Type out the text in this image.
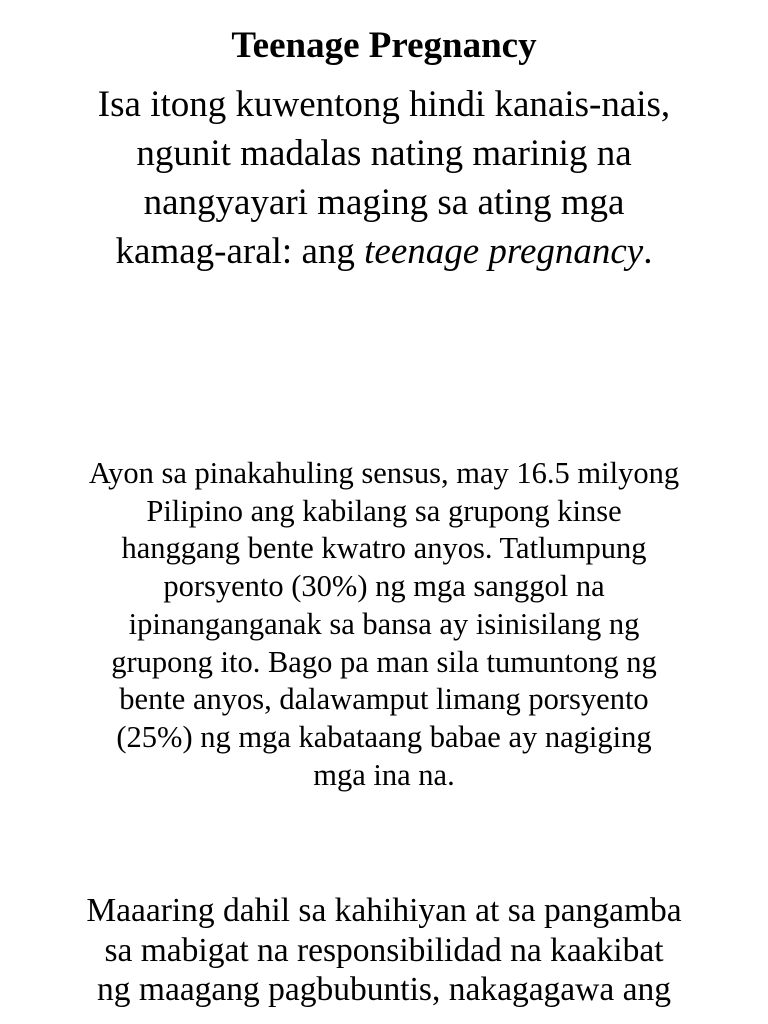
Teenage Pregnancy

Isa itong kuwentong hindi kanais-nais,
ngunit madalas nating marinig na
nangyayari maging sa ating mga
kamag-aral: ang teenage pregnancy.

Ayon sa pinakahuling sensus, may 16.5 milyong
Pilipino ang kabilang sa grupong kinse
hanggang bente kwatro anyos. Tatlumpung
porsyento (30%) ng mga sanggol na
ipinanganganak sa bansa ay isinisilang ng
grupong ito. Bago pa man sila tumuntong ng
bente anyos, dalawamput limang porsyento
(25%) ng mga kabataang babae ay nagiging
mga ina na.

Maaaring dahil sa kahihiyan at sa pangamba
sa mabigat na responsibilidad na kaakibat
ng maagang pagbubuntis, nakagagawa ang
